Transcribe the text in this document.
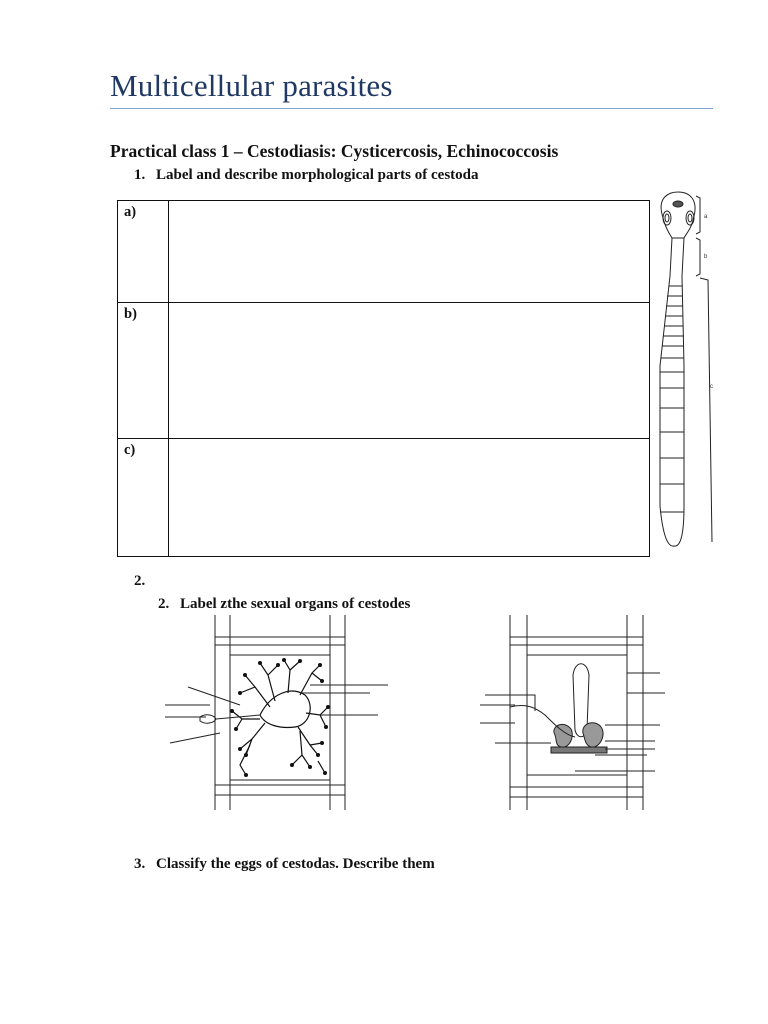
Multicellular parasites
Practical class 1 – Cestodiasis: Cysticercosis, Echinococcosis
1. Label and describe morphological parts of cestoda
a)	
b)	
c)	
a
b
c
2.
2. Label zthe sexual organs of cestodes
3. Classify the eggs of cestodas. Describe them
